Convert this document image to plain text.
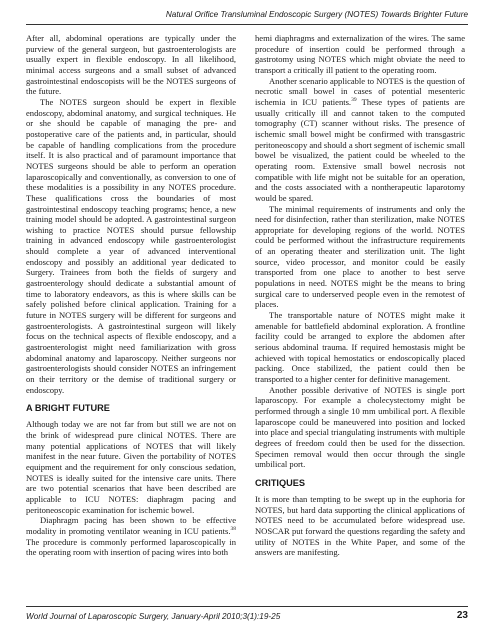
Natural Orifice Transluminal Endoscopic Surgery (NOTES) Towards Brighter Future

After all, abdominal operations are typically under the purview of the general surgeon, but gastroenterologists are usually expert in flexible endoscopy. In all likelihood, minimal access surgeons and a small subset of advanced gastrointestinal endoscopists will be the NOTES surgeons of the future.

The NOTES surgeon should be expert in flexible endoscopy, abdominal anatomy, and surgical techniques. He or she should be capable of managing the pre- and postoperative care of the patients and, in particular, should be capable of handling complications from the procedure itself. It is also practical and of paramount importance that NOTES surgeons should be able to perform an operation laparoscopically and conventionally, as conversion to one of these modalities is a possibility in any NOTES procedure. These qualifications cross the boundaries of most gastrointestinal endoscopy teaching programs; hence, a new training model should be adopted. A gastrointestinal surgeon wishing to practice NOTES should pursue fellowship training in advanced endoscopy while gastroenterologist should complete a year of advanced interventional endoscopy and possibly an additional year dedicated to Surgery. Trainees from both the fields of surgery and gastroenterology should dedicate a substantial amount of time to laboratory endeavors, as this is where skills can be safely polished before clinical application. Training for a future in NOTES surgery will be different for surgeons and gastroenterologists. A gastrointestinal surgeon will likely focus on the technical aspects of flexible endoscopy, and a gastroenterologist might need familiarization with gross abdominal anatomy and laparoscopy. Neither surgeons nor gastroenterologists should consider NOTES an infringement on their territory or the demise of traditional surgery or endoscopy.

A BRIGHT FUTURE

Although today we are not far from but still we are not on the brink of widespread pure clinical NOTES. There are many potential applications of NOTES that will likely manifest in the near future. Given the portability of NOTES equipment and the requirement for only conscious sedation, NOTES is ideally suited for the intensive care units. There are two potential scenarios that have been described are applicable to ICU NOTES: diaphragm pacing and peritoneoscopic examination for ischemic bowel.

Diaphragm pacing has been shown to be effective modality in promoting ventilator weaning in ICU patients.$^{38}$ The procedure is commonly performed laparoscopically in the operating room with insertion of pacing wires into both

hemi diaphragms and externalization of the wires. The same procedure of insertion could be performed through a gastrotomy using NOTES which might obviate the need to transport a critically ill patient to the operating room.

Another scenario applicable to NOTES is the question of necrotic small bowel in cases of potential mesenteric ischemia in ICU patients.$^{39}$ These types of patients are usually critically ill and cannot taken to the computed tomography (CT) scanner without risks. The presence of ischemic small bowel might be confirmed with transgastric peritoneoscopy and should a short segment of ischemic small bowel be visualized, the patient could be wheeled to the operating room. Extensive small bowel necrosis not compatible with life might not be suitable for an operation, and the costs associated with a nontherapeutic laparotomy would be spared.

The minimal requirements of instruments and only the need for disinfection, rather than sterilization, make NOTES appropriate for developing regions of the world. NOTES could be performed without the infrastructure requirements of an operating theater and sterilization unit. The light source, video processor, and monitor could be easily transported from one place to another to best serve populations in need. NOTES might be the means to bring surgical care to underserved people even in the remotest of places.

The transportable nature of NOTES might make it amenable for battlefield abdominal exploration. A frontline facility could be arranged to explore the abdomen after serious abdominal trauma. If required hemostasis might be achieved with topical hemostatics or endoscopically placed packing. Once stabilized, the patient could then be transported to a higher center for definitive management.

Another possible derivative of NOTES is single port laparoscopy. For example a cholecystectomy might be performed through a single 10 mm umbilical port. A flexible laparoscope could be maneuvered into position and locked into place and special triangulating instruments with multiple degrees of freedom could then be used for the dissection. Specimen removal would then occur through the single umbilical port.

CRITIQUES

It is more than tempting to be swept up in the euphoria for NOTES, but hard data supporting the clinical applications of NOTES need to be accumulated before widespread use. NOSCAR put forward the questions regarding the safety and utility of NOTES in the White Paper, and some of the answers are manifesting.

World Journal of Laparoscopic Surgery, January-April 2010;3(1):19-25	23
